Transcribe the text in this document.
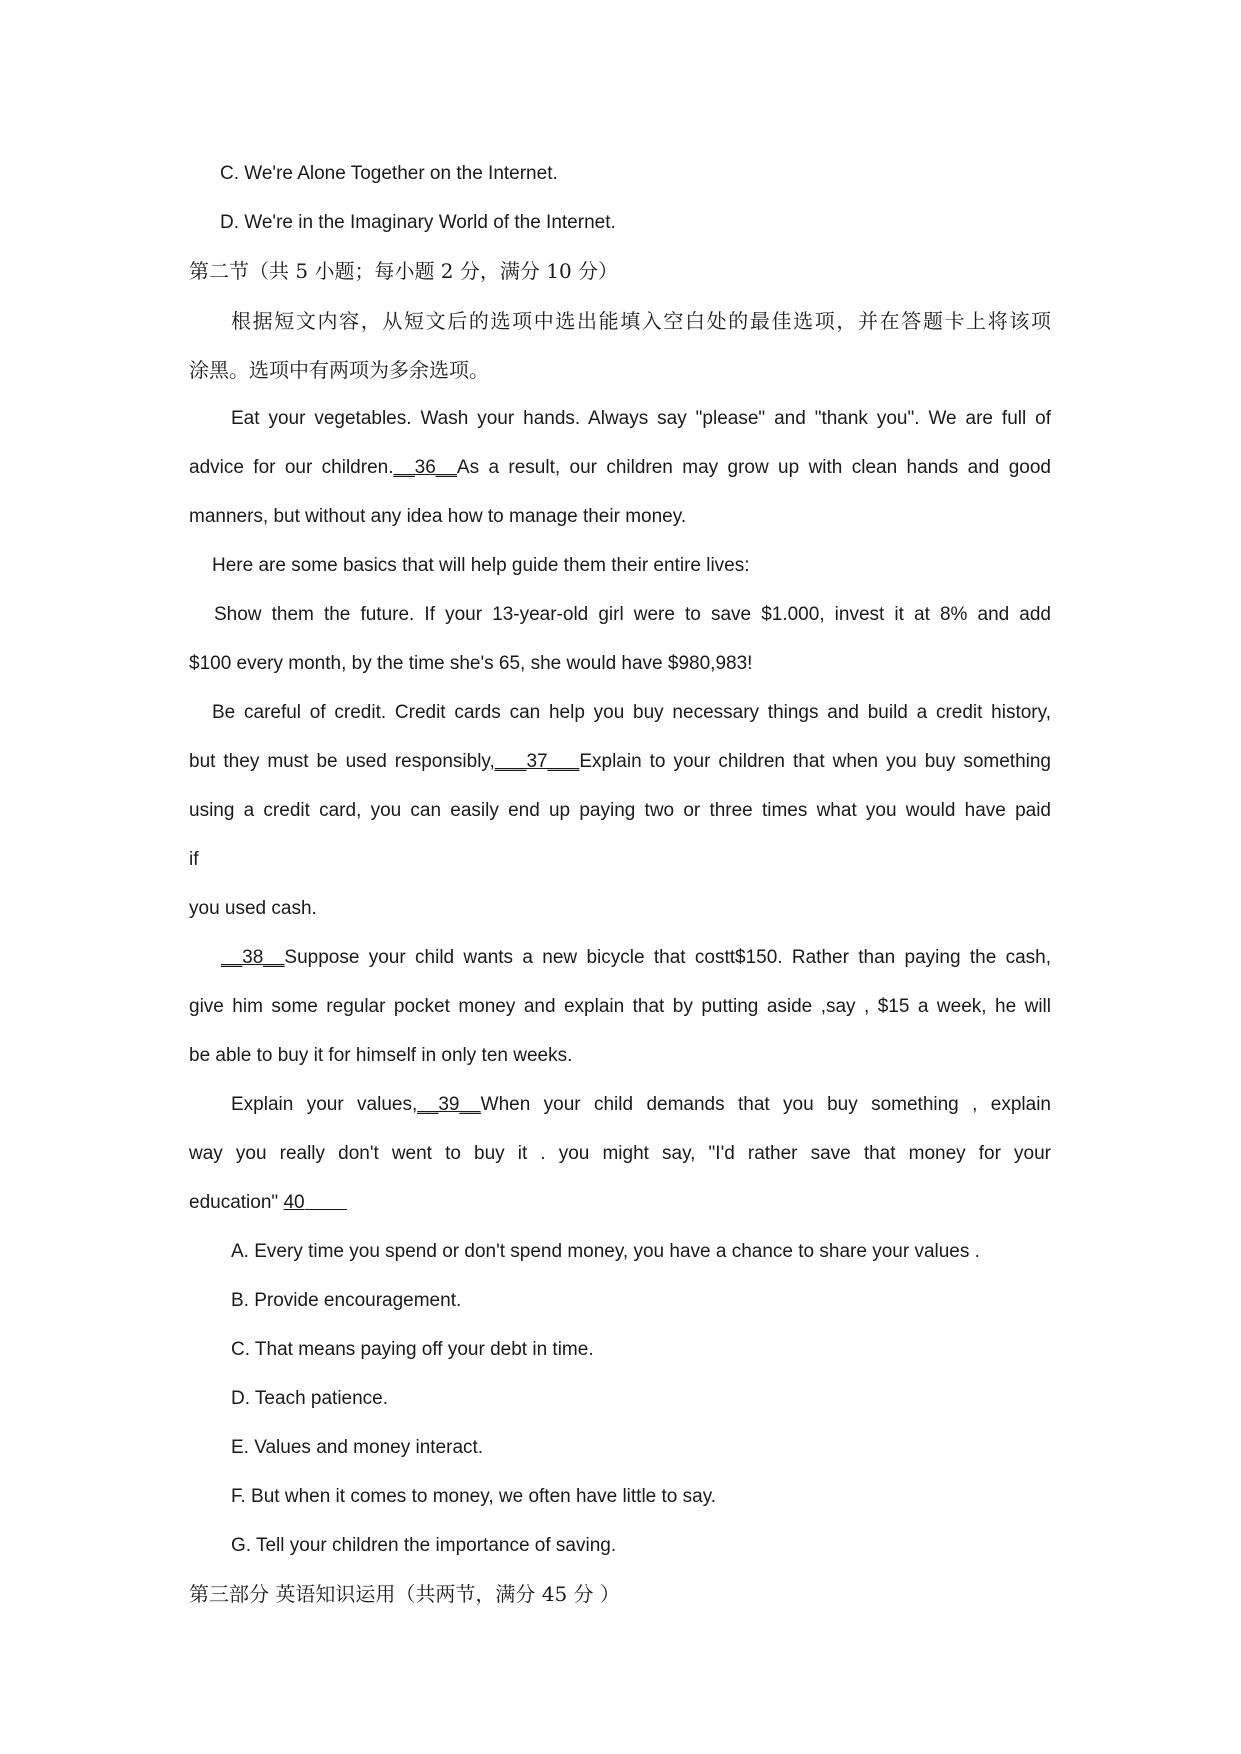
C. We're Alone Together on the Internet.
D. We're in the Imaginary World of the Internet.
第二节（共 5 小题；每小题 2 分，满分 10 分）
根据短文内容，从短文后的选项中选出能填入空白处的最佳选项，并在答题卡上将该项
涂黑。选项中有两项为多余选项。
Eat your vegetables. Wash your hands. Always say "please" and "thank you". We are full of
advice for our children.__36__As a result, our children may grow up with clean hands and good
manners, but without any idea how to manage their money.
Here are some basics that will help guide them their entire lives:
Show them the future. If your 13-year-old girl were to save $1.000, invest it at 8% and add
$100 every month, by the time she's 65, she would have $980,983!
Be careful of credit. Credit cards can help you buy necessary things and build a credit history,
but they must be used responsibly,___37___Explain to your children that when you buy something
using a credit card, you can easily end up paying two or three times what you would have paid
if
you used cash.
__38__Suppose your child wants a new bicycle that costt$150. Rather than paying the cash,
give him some regular pocket money and explain that by putting aside ,say , $15 a week, he will
be able to buy it for himself in only ten weeks.
Explain your values,__39__When your child demands that you buy something , explain
way you really don't went to buy it . you might say, "I'd rather save that money for your
education" 40
A. Every time you spend or don't spend money, you have a chance to share your values .
B. Provide encouragement.
C. That means paying off your debt in time.
D. Teach patience.
E. Values and money interact.
F. But when it comes to money, we often have little to say.
G. Tell your children the importance of saving.
第三部分 英语知识运用（共两节，满分 45 分 ）
